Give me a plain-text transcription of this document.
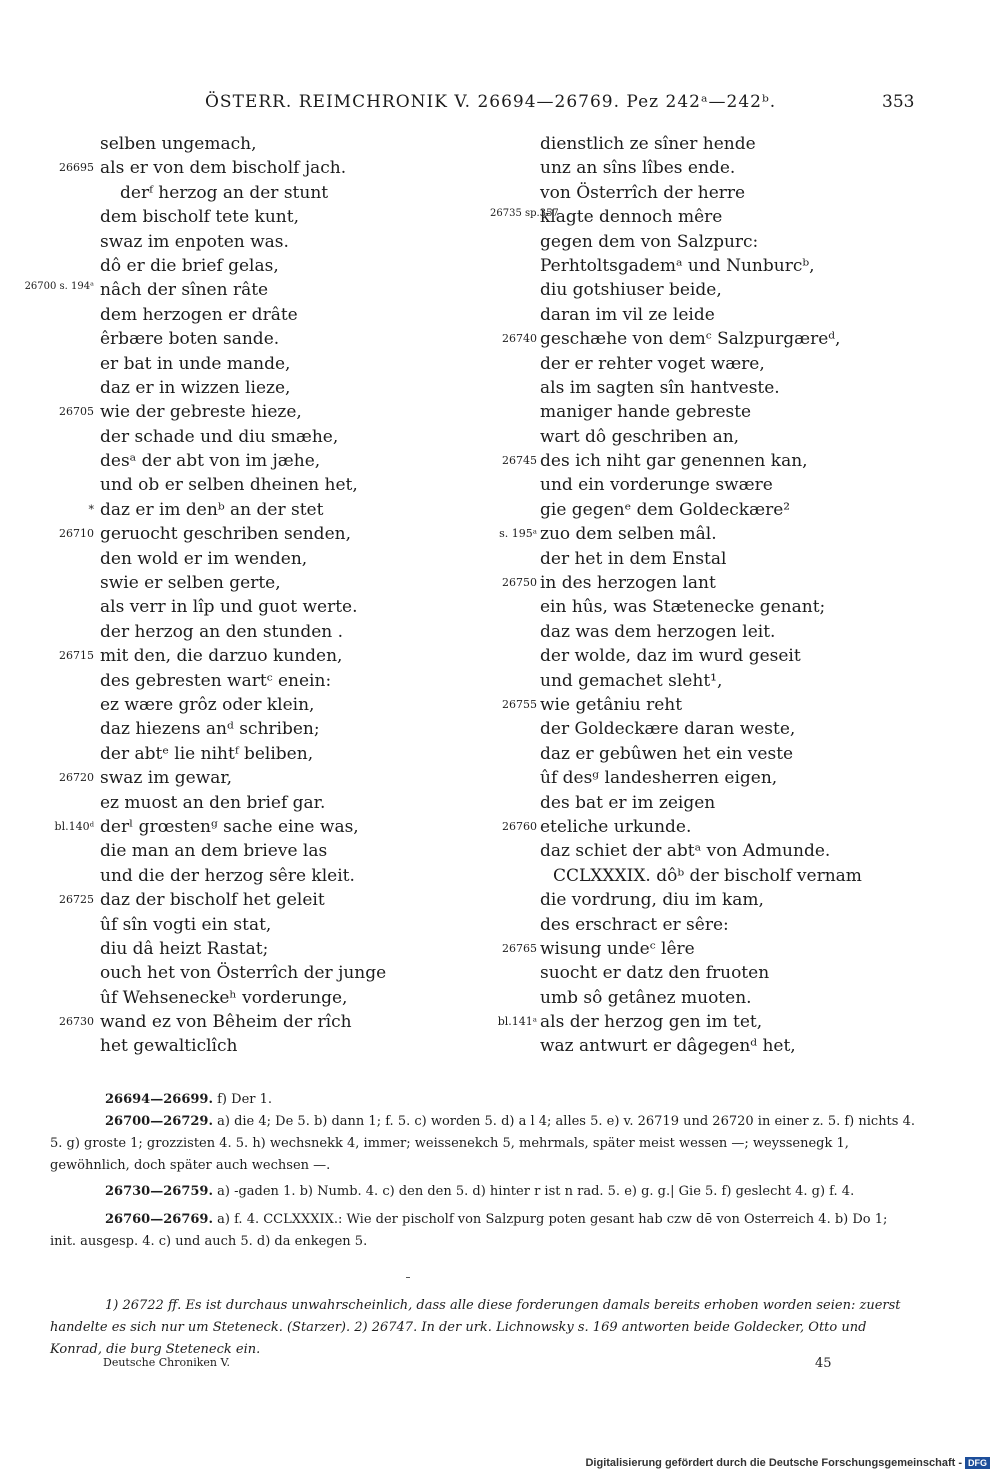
ÖSTERR. REIMCHRONIK V. 26694—26769. Pez 242ᵃ—242ᵇ.	353
selben ungemach,
26695 als er von dem bischolf jach.
derᶠ herzog an der stunt
dem bischolf tete kunt,
swaz im enpoten was.
dô er die brief gelas,
26700 s. 194ᵃ nâch der sînen râte
dem herzogen er drâte
êrbære boten sande.
er bat in unde mande,
daz er in wizzen lieze,
26705 wie der gebreste hieze,
der schade und diu smæhe,
desᵃ der abt von im jæhe,
und ob er selben dheinen het,
* daz er im denᵇ an der stet
26710 geruocht geschriben senden,
den wold er im wenden,
swie er selben gerte,
als verr in lîp und guot werte.
der herzog an den stunden .
26715 mit den, die darzuo kunden,
des gebresten wartᶜ enein:
ez wære grôz oder klein,
daz hiezens anᵈ schriben;
der abtᵉ lie nihtᶠ beliben,
26720 swaz im gewar,
ez muost an den brief gar.
bl.140ᵈ derˡ grœstenᵍ sache eine was,
die man an dem brieve las
und die der herzog sêre kleit.
26725 daz der bischolf het geleit
ûf sîn vogti ein stat,
diu dâ heizt Rastat;
ouch het von Österrîch der junge
ûf Wehseneckeʰ vorderunge,
26730 wand ez von Bêheim der rîch
het gewalticlîch
dienstlich ze sîner hende
unz an sîns lîbes ende.
von Österrîch der herre
26735 sp.357
klagte dennoch mêre
gegen dem von Salzpurc:
Perhtoltsgademᵃ und Nunburcᵇ,
diu gotshiuser beide,
daran im vil ze leide
26740 geschæhe von demᶜ Salzpurgæreᵈ,
der er rehter voget wære,
als im sagten sîn hantveste.
maniger hande gebreste
wart dô geschriben an,
26745 des ich niht gar genennen kan,
und ein vorderunge swære
gie gegenᵉ dem Goldeckære²
s. 195ᵃ zuo dem selben mâl.
der het in dem Enstal
26750 in des herzogen lant
ein hûs, was Stætenecke genant;
daz was dem herzogen leit.
der wolde, daz im wurd geseit
und gemachet sleht¹,
26755 wie getâniu reht
der Goldeckære daran weste,
daz er gebûwen het ein veste
ûf desᵍ landesherren eigen,
des bat er im zeigen
26760 eteliche urkunde.
daz schiet der abtᵃ von Admunde.
CCLXXXIX. dôᵇ der bischolf vernam
die vordrung, diu im kam,
des erschract er sêre:
26765 wisung undeᶜ lêre
suocht er datz den fruoten
umb sô getânez muoten.
bl.141ᵃ als der herzog gen im tet,
waz antwurt er dâgegenᵈ het,
26694—26699. f) Der 1.
26700—26729. a) die 4; De 5. b) dann 1; f. 5. c) worden 5. d) a l 4; alles 5. e) v. 26719 und 26720 in einer z. 5. f) nichts 4. 5. g) groste 1; grozzisten 4. 5. h) wechsnekk 4, immer; weissenekch 5, mehrmals, später meist wessen —; weyssenegk 1, gewöhnlich, doch später auch wechsen —.
26730—26759. a) -gaden 1. b) Numb. 4. c) den den 5. d) hinter r ist n rad. 5. e) g. g.| Gie 5. f) geslecht 4. g) f. 4.
26760—26769. a) f. 4. CCLXXXIX.: Wie der pischolf von Salzpurg poten gesant hab czw dē von Osterreich 4. b) Do 1; init. ausgesp. 4. c) und auch 5. d) da enkegen 5.
1) 26722 ff. Es ist durchaus unwahrscheinlich, dass alle diese forderungen damals bereits erhoben worden seien: zuerst handelte es sich nur um Steteneck. (Starzer). 2) 26747. In der urk. Lichnowsky s. 169 antworten beide Goldecker, Otto und Konrad, die burg Steteneck ein.
Deutsche Chroniken V.	45
Digitalisierung gefördert durch die Deutsche Forschungsgemeinschaft - DFG
